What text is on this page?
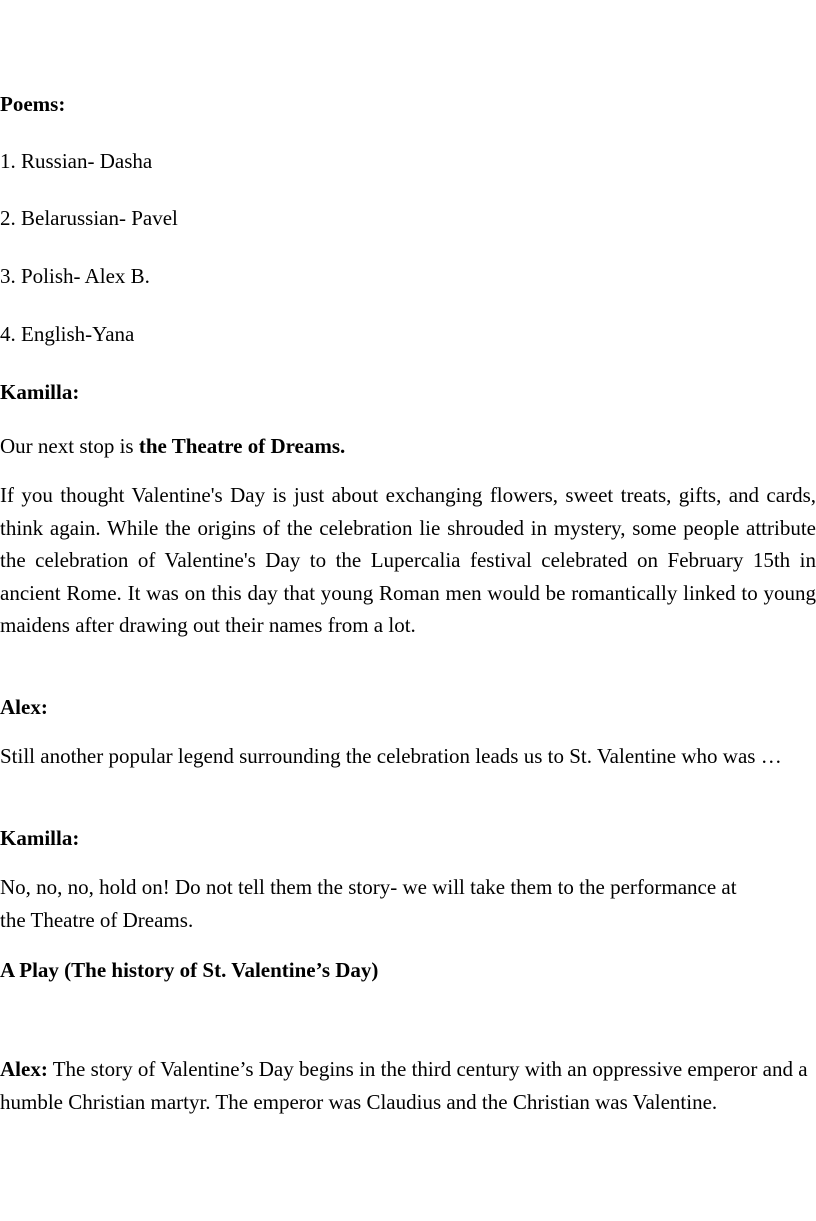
Poems:

1. Russian- Dasha

2. Belarussian- Pavel

3. Polish- Alex B.

4. English-Yana

Kamilla:

Our next stop is the Theatre of Dreams.

If you thought Valentine's Day is just about exchanging flowers, sweet treats, gifts, and cards, think again. While the origins of the celebration lie shrouded in mystery, some people attribute the celebration of Valentine's Day to the Lupercalia festival celebrated on February 15th in ancient Rome. It was on this day that young Roman men would be romantically linked to young maidens after drawing out their names from a lot.

Alex:

Still another popular legend surrounding the celebration leads us to St. Valentine who was …

Kamilla:

No, no, no, hold on! Do not tell them the story- we will take them to the performance at the Theatre of Dreams.

A Play (The history of St. Valentine’s Day)

Alex: The story of Valentine’s Day begins in the third century with an oppressive emperor and a humble Christian martyr. The emperor was Claudius and the Christian was Valentine.
